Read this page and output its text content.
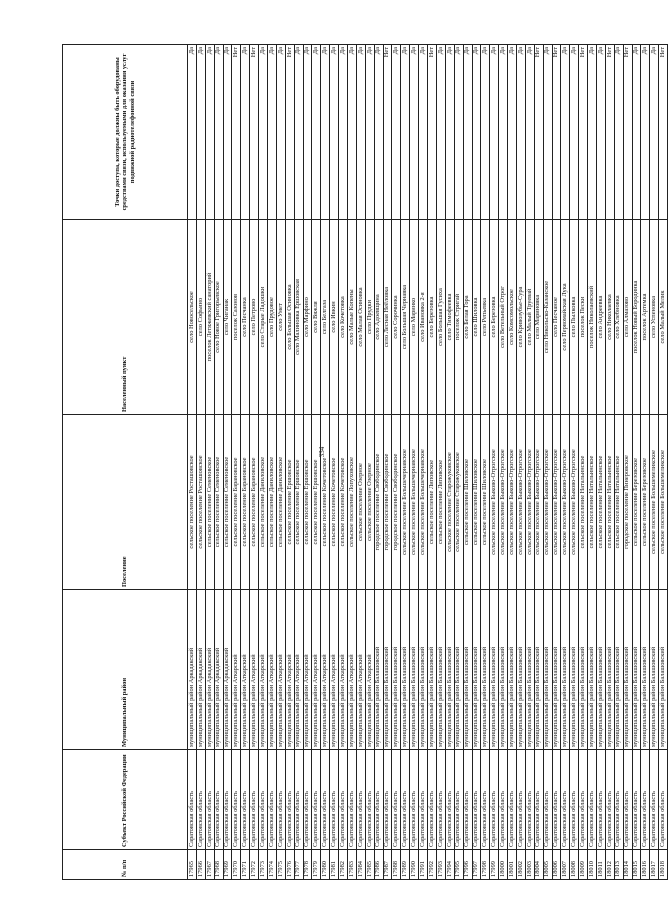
334
№ п/п	Субъект Российской Федерации	Муниципальный район	Поселение	Населенный пункт	Точки доступа, которые должны быть оборудованы средствами связи, используемыми для оказания услуг подвижной радиотелефонной связи
17965	Саратовская область	муниципальный район Аркадакский	сельское поселение Росташовское	село Новосельское	Да
17966	Саратовская область	муниципальный район Аркадакский	сельское поселение Росташовское	село Софьино	Да
17967	Саратовская область	муниципальный район Аркадакский	сельское поселение Семеновское	поселок Летяжевский санаторий	Да
17968	Саратовская область	муниципальный район Аркадакский	сельское поселение Семеновское	село Новое Григорьевское	Да
17969	Саратовская область	муниципальный район Аркадакский	сельское поселение Семеновское	село Чиганак	Да
17970	Саратовская область	муниципальный район Аткарский	сельское поселение Барановское	поселок Сазонов	Нет
17971	Саратовская область	муниципальный район Аткарский	сельское поселение Барановское	село Песчанка	Да
17972	Саратовская область	муниципальный район Аткарский	сельское поселение Барановское	село Петрово	Нет
17973	Саратовская область	муниципальный район Аткарский	сельское поселение Даниловское	село Старые Ладошки	Да
17974	Саратовская область	муниципальный район Аткарский	сельское поселение Даниловское	село Прудовое	Да
17975	Саратовская область	муниципальный район Аткарский	сельское поселение Даниловское	село Умет	Да
17976	Саратовская область	муниципальный район Аткарский	сельское поселение Ершовское	село Большая Осиновка	Нет
17977	Саратовская область	муниципальный район Аткарский	сельское поселение Ершовское	село Малиновка Ершовская	Да
17978	Саратовская область	муниципальный район Аткарский	сельское поселение Ершовское	село Марфино	Да
17979	Саратовская область	муниципальный район Аткарский	сельское поселение Ершовское	село Вяжля	Да
17980	Саратовская область	муниципальный район Аткарский	сельское поселение Кочетовское	село Белгаза	Да
17981	Саратовская область	муниципальный район Аткарский	сельское поселение Кочетовское	село Ивкин	Да
17982	Саратовская область	муниципальный район Аткарский	сельское поселение Кочетовское	село Кочетовка	Да
17983	Саратовская область	муниципальный район Аткарский	сельское поселение Лопуховское	село Малые Копены	Да
17984	Саратовская область	муниципальный район Аткарский	сельское поселение Озерное	село Малая Осиновка	Да
17985	Саратовская область	муниципальный район Аткарский	сельское поселение Озерное	село Прудки	Да
17986	Саратовская область	муниципальный район Балашовский	городское поселение Свободинское	село Адоевщина	Да
17987	Саратовская область	муниципальный район Балашовский	городское поселение Свободинское	село Лесная Неёловка	Нет
17988	Саратовская область	муниципальный район Балашовский	городское поселение Свободинское	село Сорочинка	Да
17989	Саратовская область	муниципальный район Балашовский	сельское поселение Большечернавское	село Большая Чернавка	Да
17990	Саратовская область	муниципальный район Балашовский	сельское поселение Большечернавское	село Маринко	Да
17991	Саратовская область	муниципальный район Балашовский	сельское поселение Большечернавское	село Ивановка 2-я	Да
17992	Саратовская область	муниципальный район Балашовский	сельское поселение Липовское	село Березовка	Нет
17993	Саратовская область	муниципальный район Балашовский	сельское поселение Липовское	село Большая Гусиха	Да
17994	Саратовская область	муниципальный район Балашовский	сельское поселение Старожуковское	село Тимофеевка	Да
17995	Саратовская область	муниципальный район Балашовский	сельское поселение Старожуковское	поселок Стригай	Да
17996	Саратовская область	муниципальный район Балашовский	сельское поселение Шиловское	село Белая Гора	Да
17997	Саратовская область	муниципальный район Балашовский	сельское поселение Шиловское	село Шиловка	Да
17998	Саратовская область	муниципальный район Балашовский	сельское поселение Шиловское	село Репьевка	Да
17999	Саратовская область	муниципальный район Балашовский	сельское поселение Быково-Отрогское	село Березовка	Да
18000	Саратовская область	муниципальный район Балашовский	сельское поселение Быково-Отрогское	село Ветельный Отрог	Да
18001	Саратовская область	муниципальный район Балашовский	сельское поселение Быково-Отрогское	село Комсомольское	Да
18002	Саратовская область	муниципальный район Балашовский	сельское поселение Быково-Отрогское	село Кривозубье-Сура	Да
18003	Саратовская область	муниципальный район Балашовский	сельское поселение Быково-Отрогское	село Малый Труевай	Да
18004	Саратовская область	муниципальный район Балашовский	сельское поселение Быково-Отрогское	село Мариновка	Нет
18005	Саратовская область	муниципальный район Балашовский	сельское поселение Быково-Отрогское	село Никольско-Казанское	Да
18006	Саратовская область	муниципальный район Балашовский	сельское поселение Быково-Отрогское	село Песчаное	Нет
18007	Саратовская область	муниципальный район Балашовский	сельское поселение Быково-Отрогское	село Первомайская Лука	Да
18008	Саратовская область	муниципальный район Балашовский	сельское поселение Быково-Отрогское	село Пылковка	Да
18009	Саратовская область	муниципальный район Балашовский	сельское поселение Натальинское	поселок Пески	Нет
18010	Саратовская область	муниципальный район Балашовский	сельское поселение Натальинское	поселок Николаевский	Да
18011	Саратовская область	муниципальный район Балашовский	сельское поселение Натальинское	село Андреевка	Да
18012	Саратовская область	муниципальный район Балашовский	сельское поселение Натальинское	село Николаевка	Нет
18013	Саратовская область	муниципальный район Балашовский	сельское поселение Натальинское	село Хлебновка	Да
18014	Саратовская область	муниципальный район Балашовский	городское поселение Пинеровское	село Алмазово	Нет
18015	Саратовская область	муниципальный район Балашовский	сельское поселение Березовское	поселок Новый Бородинка	Да
18016	Саратовская область	муниципальный район Балашовский	сельское поселение Березовское	поселок Артемка	Да
18017	Саратовская область	муниципальный район Балашовский	сельское поселение Большемеликское	село Успеновка	Да
18018	Саратовская область	муниципальный район Балашовский	сельское поселение Большемеликское	село Малый Мелик	Нет
